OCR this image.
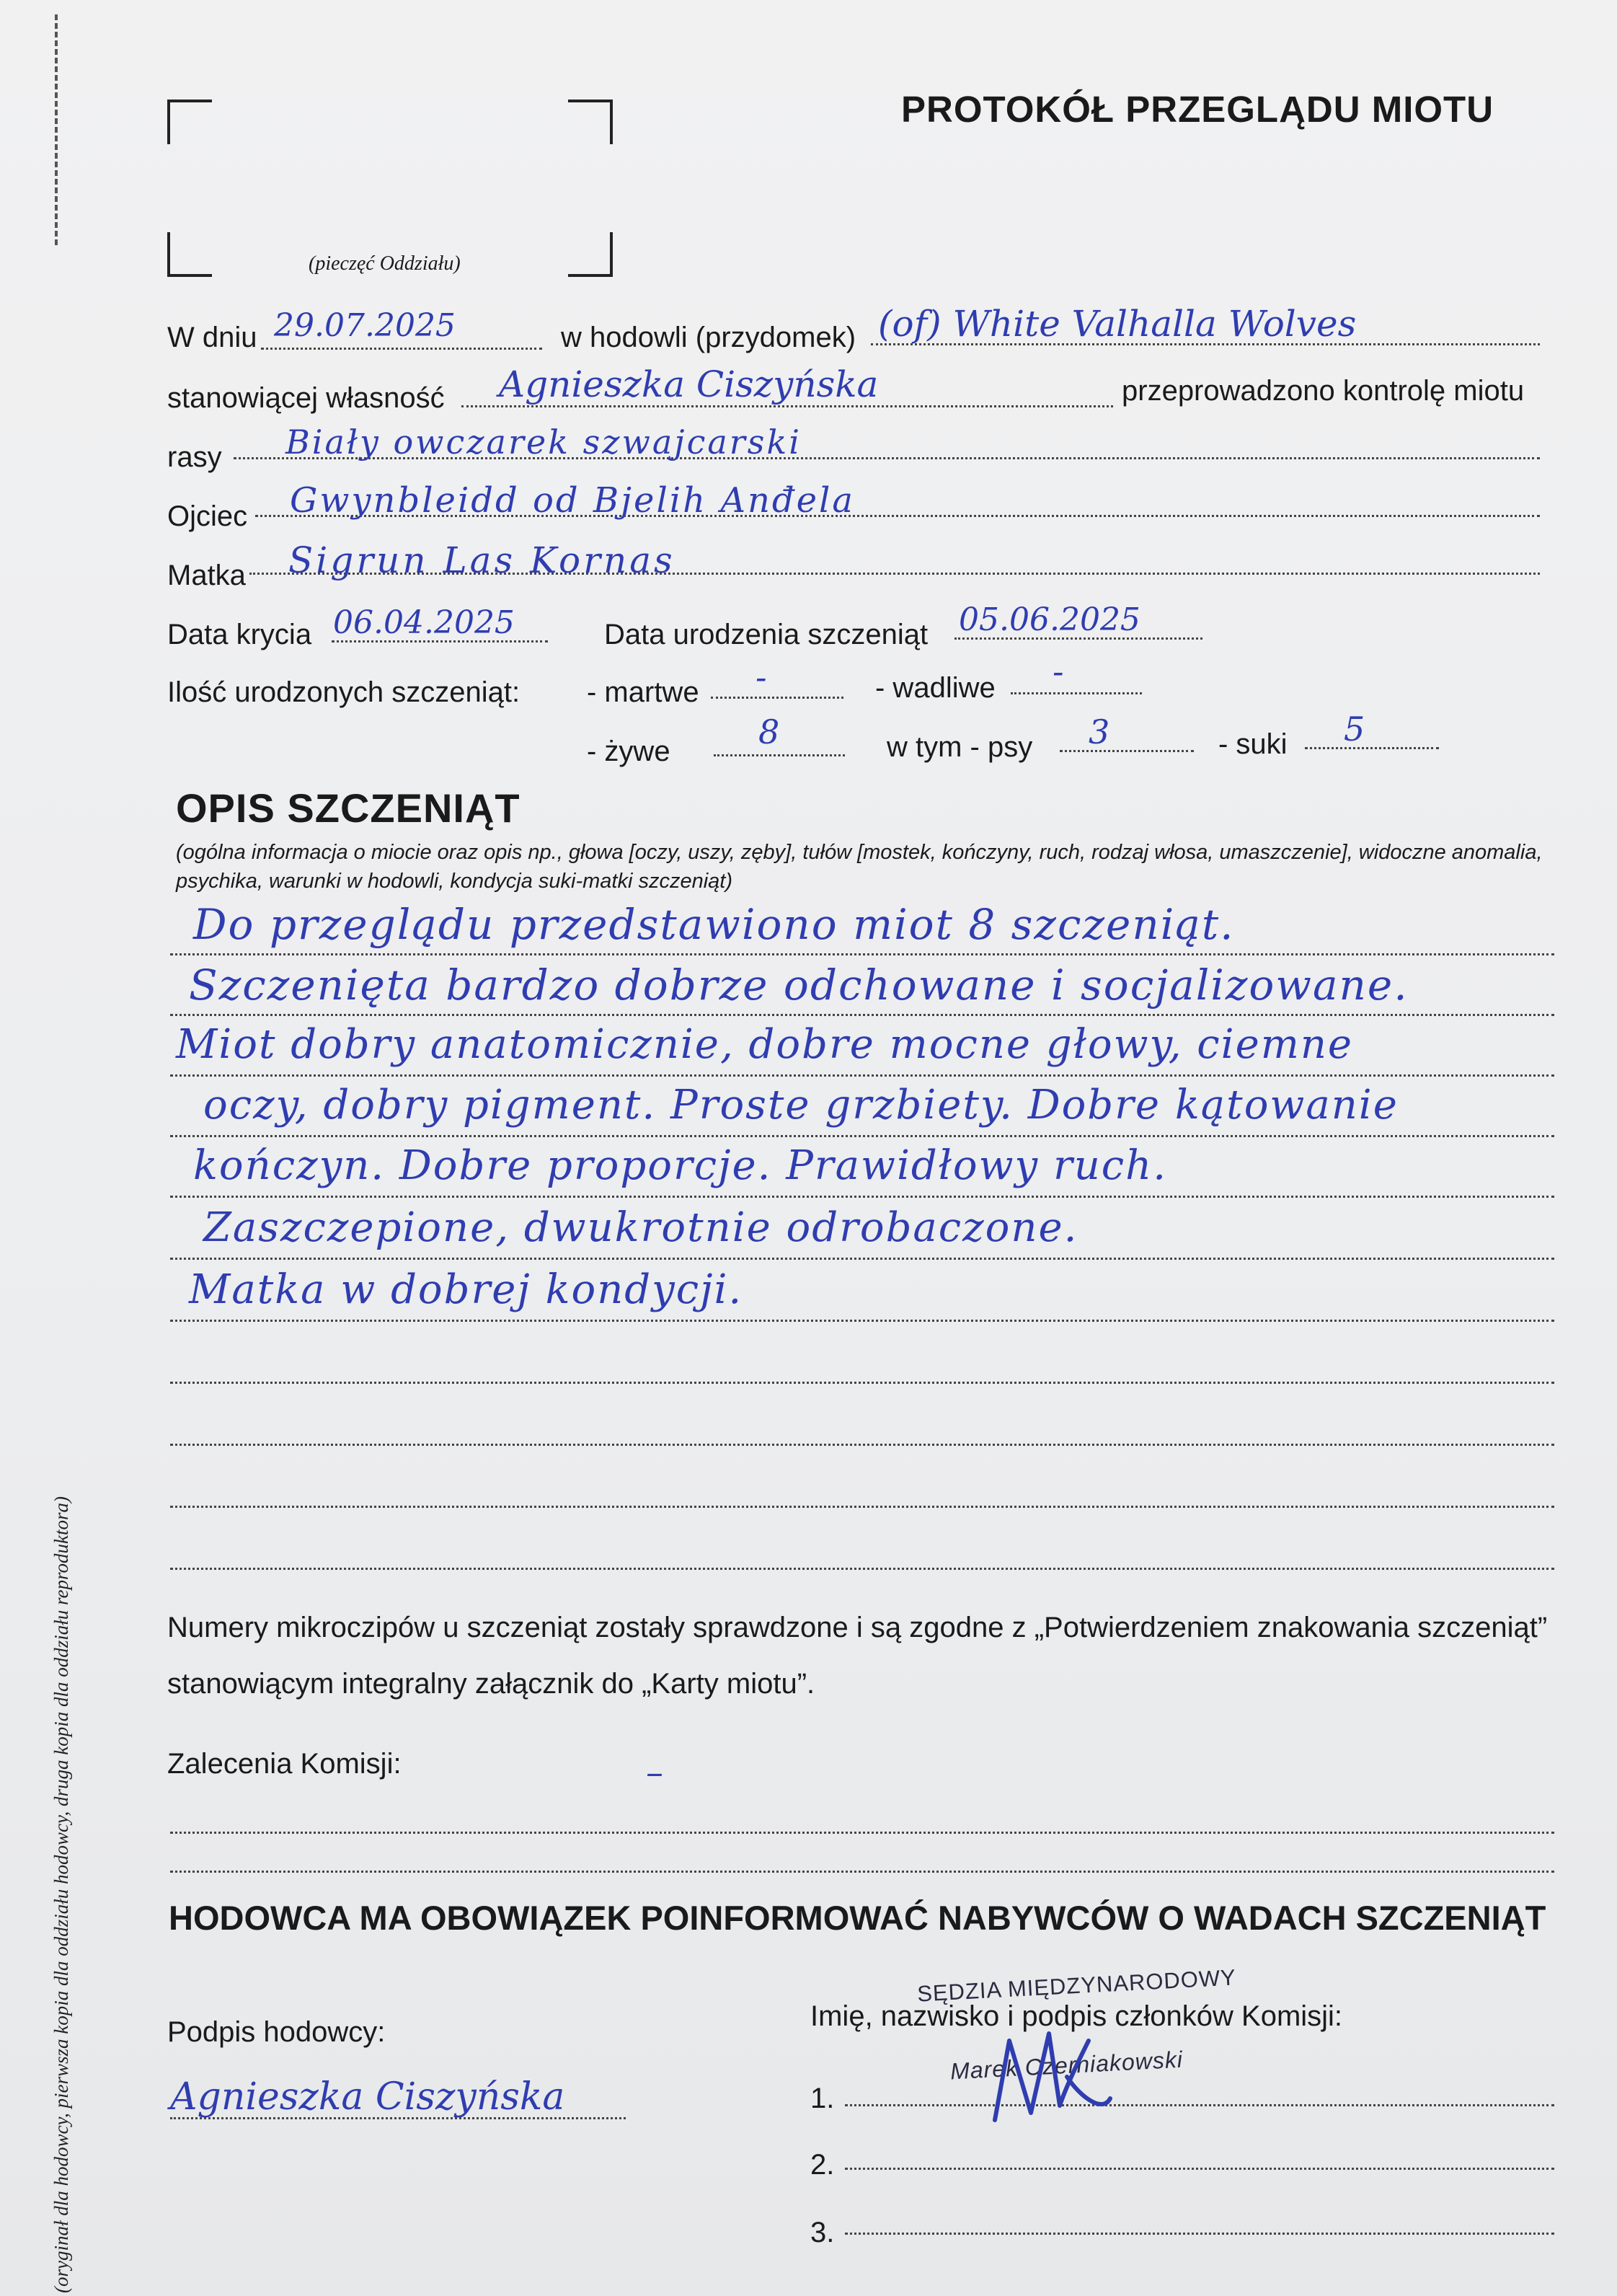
(oryginał dla hodowcy, pierwsza kopia dla oddziału hodowcy, druga kopia dla oddziału reproduktora)
(pieczęć Oddziału)
PROTOKÓŁ PRZEGLĄDU MIOTU
W dniu 29.07.2025	w hodowli (przydomek) (of) White Valhalla Wolves
stanowiącej własność Agnieszka Ciszyńska	przeprowadzono kontrolę miotu
rasy Biały owczarek szwajcarski
Ojciec Gwynbleidd od Bjelih Anđela
Matka Sigrun Las Kornas
Data krycia 06.04.2025	Data urodzenia szczeniąt 05.06.2025
Ilość urodzonych szczeniąt: - martwe -	- wadliwe -
- żywe	8	w tym - psy 3	- suki 5
OPIS SZCZENIĄT
(ogólna informacja o miocie oraz opis np., głowa [oczy, uszy, zęby], tułów [mostek, kończyny, ruch, rodzaj włosa, umaszczenie], widoczne anomalia, psychika, warunki w hodowli, kondycja suki-matki szczeniąt)
Do przeglądu przedstawiono miot 8 szczeniąt.
Szczenięta bardzo dobrze odchowane i socjalizowane.
Miot dobry anatomicznie, dobre mocne głowy, ciemne
oczy, dobry pigment. Proste grzbiety. Dobre kątowanie
kończyn. Dobre proporcje. Prawidłowy ruch.
Zaszczepione, dwukrotnie odrobaczone.
Matka w dobrej kondycji.
Numery mikroczipów u szczeniąt zostały sprawdzone i są zgodne z „Potwierdzeniem znakowania szczeniąt” stanowiącym integralny załącznik do „Karty miotu”.
Zalecenia Komisji:	–
HODOWCA MA OBOWIĄZEK POINFORMOWAĆ NABYWCÓW O WADACH SZCZENIĄT
Podpis hodowcy:
Agnieszka Ciszyńska
Imię, nazwisko i podpis członków Komisji:
SĘDZIA MIĘDZYNARODOWY
Marek Czerniakowski
1.
2.
3.
